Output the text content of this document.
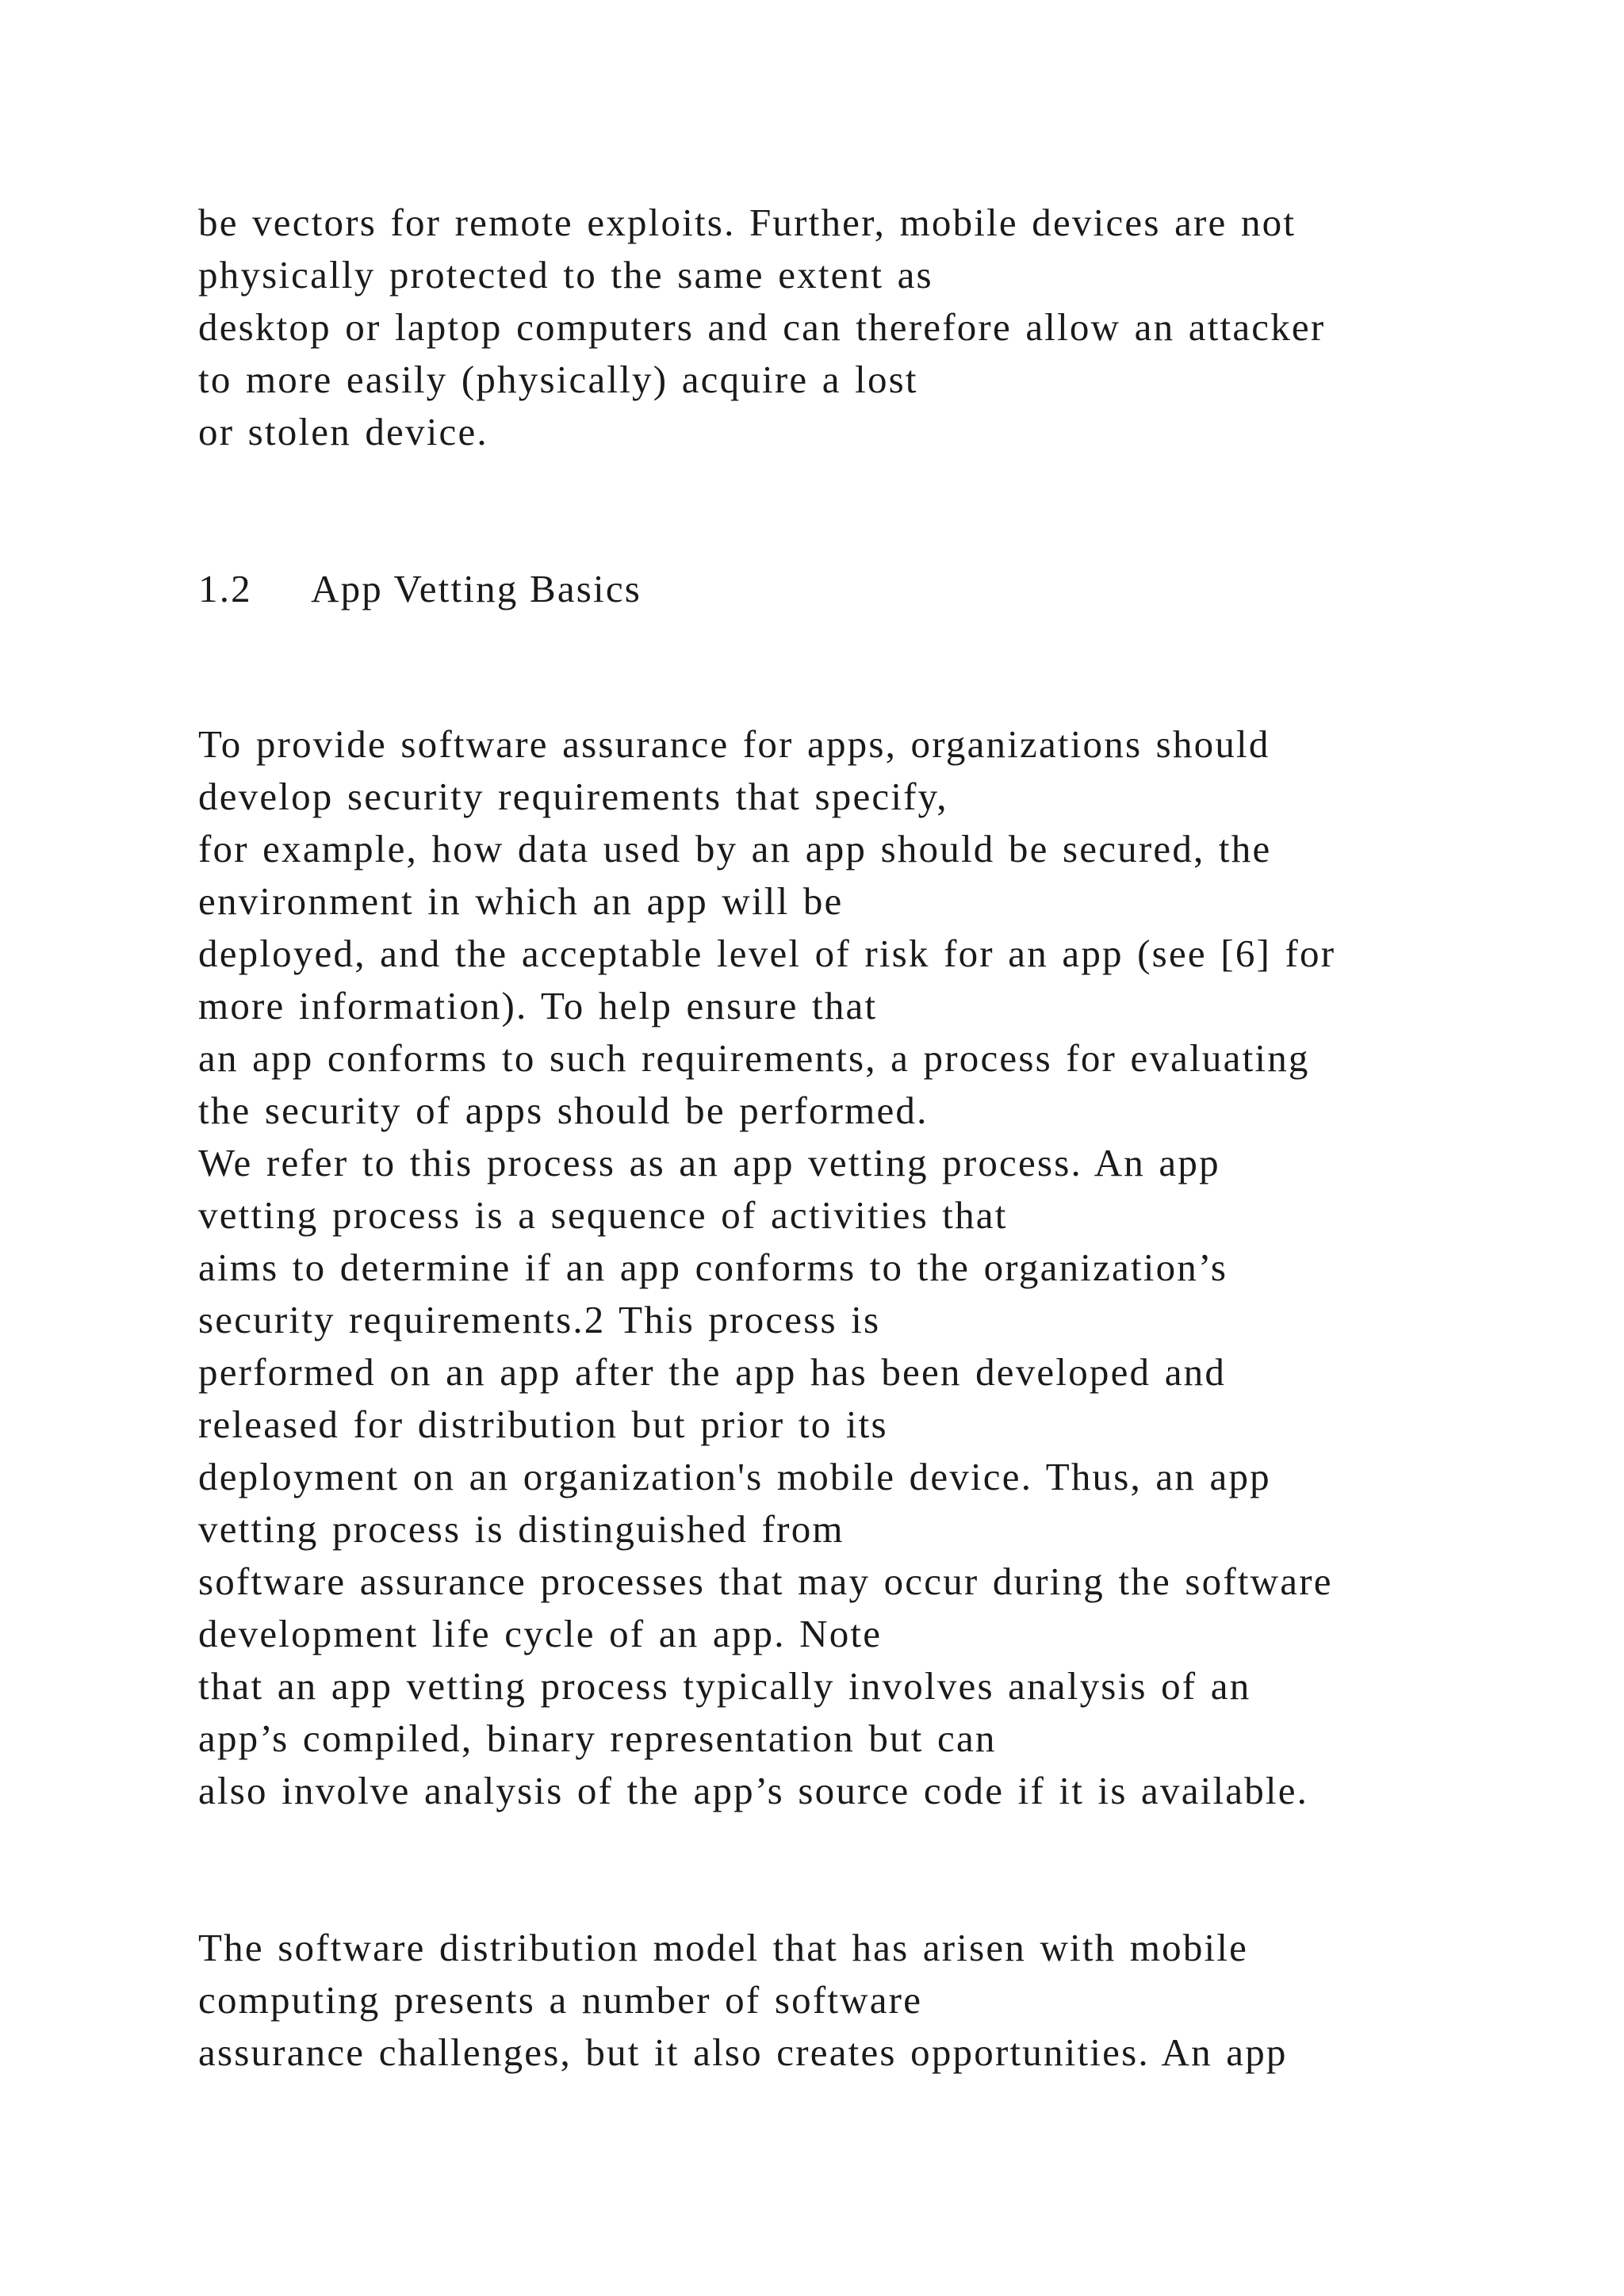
be vectors for remote exploits. Further, mobile devices are not

physically protected to the same extent as

desktop or laptop computers and can therefore allow an attacker

to more easily (physically) acquire a lost

or stolen device.

1.2 App Vetting Basics

To provide software assurance for apps, organizations should

develop security requirements that specify,

for example, how data used by an app should be secured, the

environment in which an app will be

deployed, and the acceptable level of risk for an app (see [6] for

more information). To help ensure that

an app conforms to such requirements, a process for evaluating

the security of apps should be performed.

We refer to this process as an app vetting process. An app

vetting process is a sequence of activities that

aims to determine if an app conforms to the organization’s

security requirements.2 This process is

performed on an app after the app has been developed and

released for distribution but prior to its

deployment on an organization's mobile device. Thus, an app

vetting process is distinguished from

software assurance processes that may occur during the software

development life cycle of an app. Note

that an app vetting process typically involves analysis of an

app’s compiled, binary representation but can

also involve analysis of the app’s source code if it is available.

The software distribution model that has arisen with mobile

computing presents a number of software

assurance challenges, but it also creates opportunities. An app
